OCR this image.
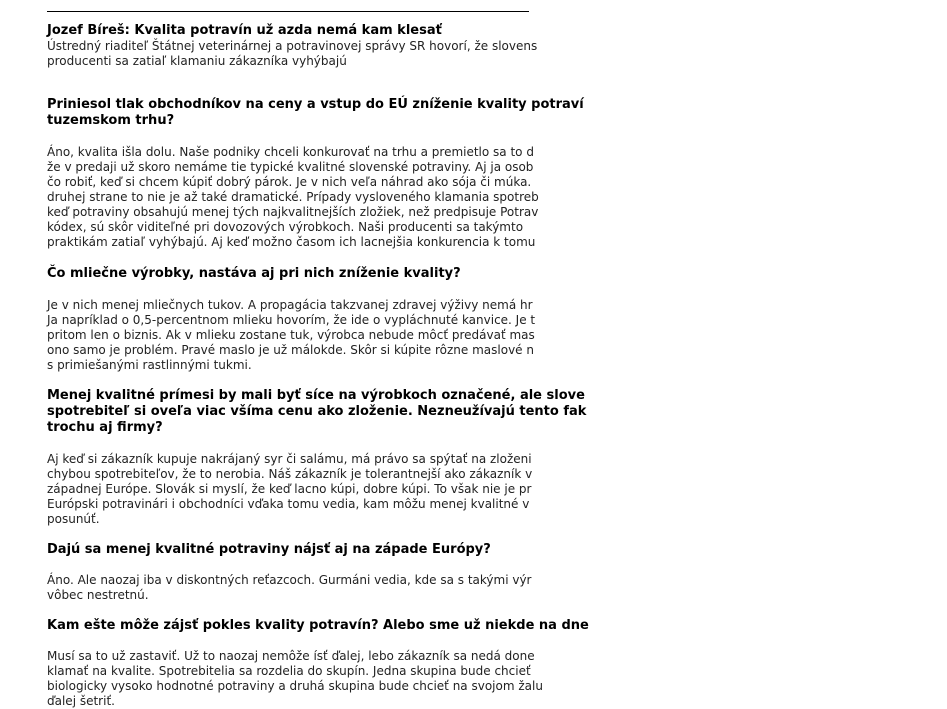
Jozef Bíreš: Kvalita potravín už azda nemá kam klesať
Ústredný riaditeľ Štátnej veterinárnej a potravinovej správy SR hovorí, že slovens
producenti sa zatiaľ klamaniu zákazníka vyhýbajú
Priniesol tlak obchodníkov na ceny a vstup do EÚ zníženie kvality potraví
tuzemskom trhu?
Áno, kvalita išla dolu. Naše podniky chceli konkurovať na trhu a premietlo sa to d
že v predaji už skoro nemáme tie typické kvalitné slovenské potraviny. Aj ja osob
čo robiť, keď si chcem kúpiť dobrý párok. Je v nich veľa náhrad ako sója či múka.
druhej strane to nie je až také dramatické. Prípady vysloveného klamania spotreb
keď potraviny obsahujú menej tých najkvalitnejších zložiek, než predpisuje Potrav
kódex, sú skôr viditeľné pri dovozových výrobkoch. Naši producenti sa takýmto
praktikám zatiaľ vyhýbajú. Aj keď možno časom ich lacnejšia konkurencia k tomu
Čo mliečne výrobky, nastáva aj pri nich zníženie kvality?
Je v nich menej mliečnych tukov. A propagácia takzvanej zdravej výživy nemá hr
Ja napríklad o 0,5-percentnom mlieku hovorím, že ide o vypláchnuté kanvice. Je t
pritom len o biznis. Ak v mlieku zostane tuk, výrobca nebude môcť predávať mas
ono samo je problém. Pravé maslo je už málokde. Skôr si kúpite rôzne maslové n
s primiešanými rastlinnými tukmi.
Menej kvalitné prímesi by mali byť síce na výrobkoch označené, ale slove
spotrebiteľ si oveľa viac všíma cenu ako zloženie. Nezneužívajú tento fak
trochu aj firmy?
Aj keď si zákazník kupuje nakrájaný syr či salámu, má právo sa spýtať na zloženi
chybou spotrebiteľov, že to nerobia. Náš zákazník je tolerantnejší ako zákazník v
západnej Európe. Slovák si myslí, že keď lacno kúpi, dobre kúpi. To však nie je pr
Európski potravinári i obchodníci vďaka tomu vedia, kam môžu menej kvalitné v
posunúť.
Dajú sa menej kvalitné potraviny nájsť aj na západe Európy?
Áno. Ale naozaj iba v diskontných reťazcoch. Gurmáni vedia, kde sa s takými výr
vôbec nestretnú.
Kam ešte môže zájsť pokles kvality potravín? Alebo sme už niekde na dne
Musí sa to už zastaviť. Už to naozaj nemôže ísť ďalej, lebo zákazník sa nedá done
klamať na kvalite. Spotrebitelia sa rozdelia do skupín. Jedna skupina bude chcieť
biologicky vysoko hodnotné potraviny a druhá skupina bude chcieť na svojom žalu
ďalej šetriť.
